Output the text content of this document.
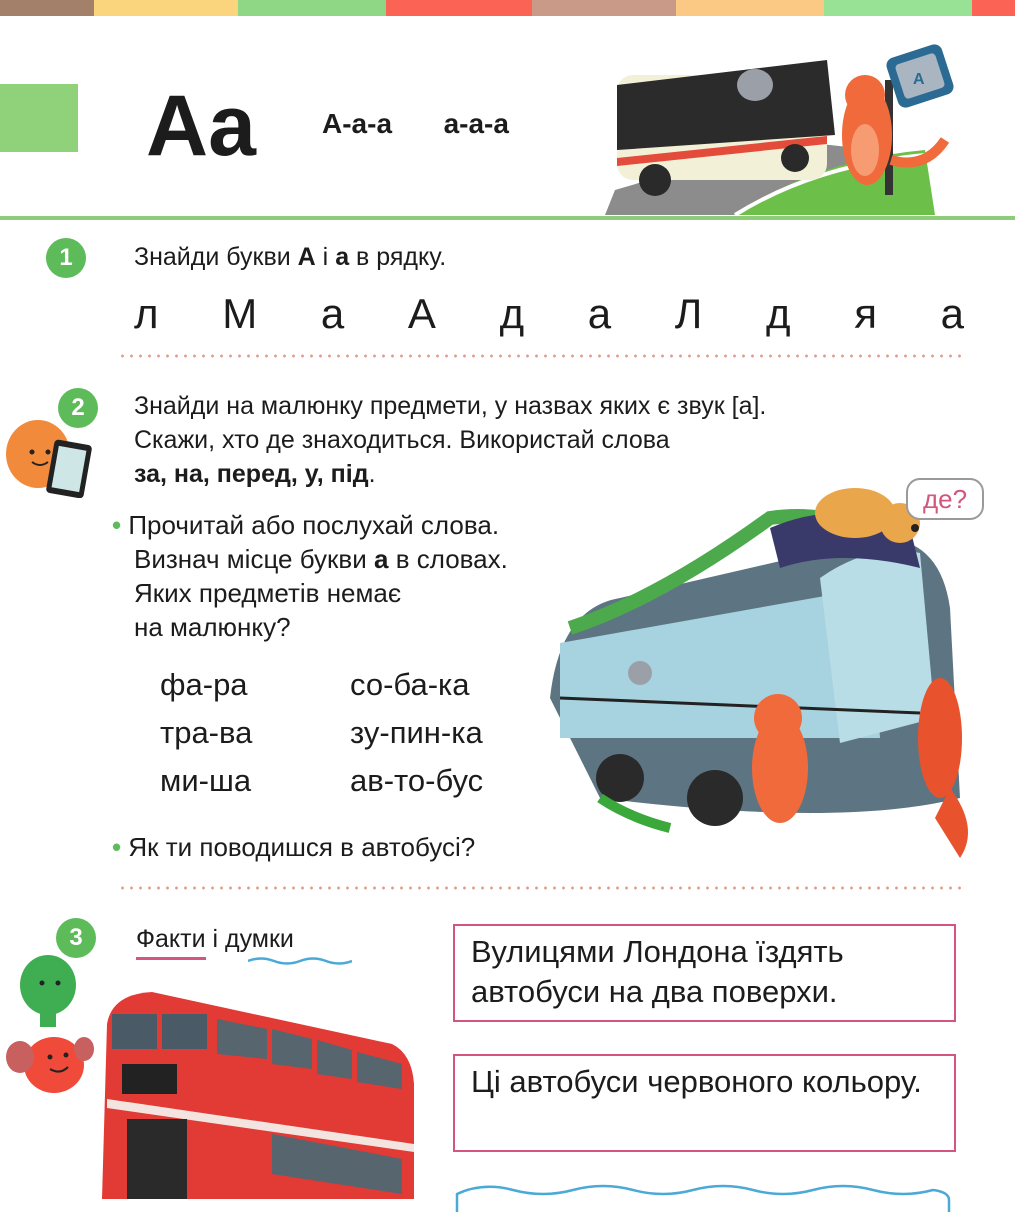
Аа А-а-а  а-а-а
А
1	Знайди букви А і а в рядку.
л М а А д а Л д я а
2	Знайди на малюнку предмети, у назвах яких є звук [а].
Скажи, хто де знаходиться. Використай слова
за, на, перед, у, під.
• Прочитай або послухай слова.
Визнач місце букви а в словах.
Яких предметів немає
на малюнку?
фа-ра	со-ба-ка
тра-ва	зу-пин-ка
ми-ша	ав-то-бус
• Як ти поводишся в автобусі?
де?
3	Факти і думки	Вулицями Лондона їздять автобуси на два поверхи.
Ці автобуси червоного кольору.
